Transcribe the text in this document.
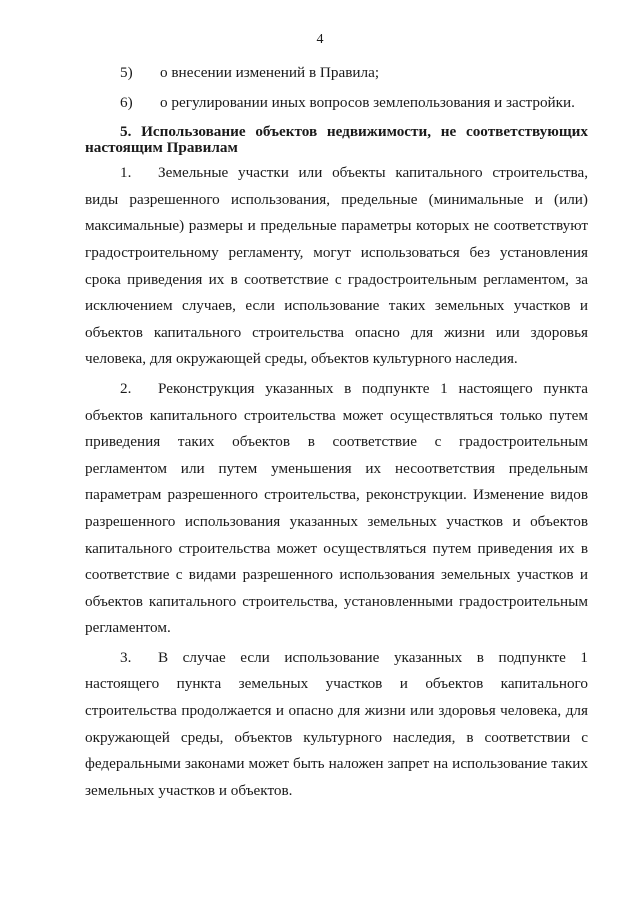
4
5)	о внесении изменений в Правила;
6)	о регулировании иных вопросов землепользования и застройки.
5. Использование объектов недвижимости, не соответствующих настоящим Правилам

1. Земельные участки или объекты капитального строительства, виды разрешенного использования, предельные (минимальные и (или) максимальные) размеры и предельные параметры которых не соответствуют градостроительному регламенту, могут использоваться без установления срока приведения их в соответствие с градостроительным регламентом, за исключением случаев, если использование таких земельных участков и объектов капитального строительства опасно для жизни или здоровья человека, для окружающей среды, объектов культурного наследия.

2. Реконструкция указанных в подпункте 1 настоящего пункта объектов капитального строительства может осуществляться только путем приведения таких объектов в соответствие с градостроительным регламентом или путем уменьшения их несоответствия предельным параметрам разрешенного строительства, реконструкции. Изменение видов разрешенного использования указанных земельных участков и объектов капитального строительства может осуществляться путем приведения их в соответствие с видами разрешенного использования земельных участков и объектов капитального строительства, установленными градостроительным регламентом.

3. В случае если использование указанных в подпункте 1 настоящего пункта земельных участков и объектов капитального строительства продолжается и опасно для жизни или здоровья человека, для окружающей среды, объектов культурного наследия, в соответствии с федеральными законами может быть наложен запрет на использование таких земельных участков и объектов.
